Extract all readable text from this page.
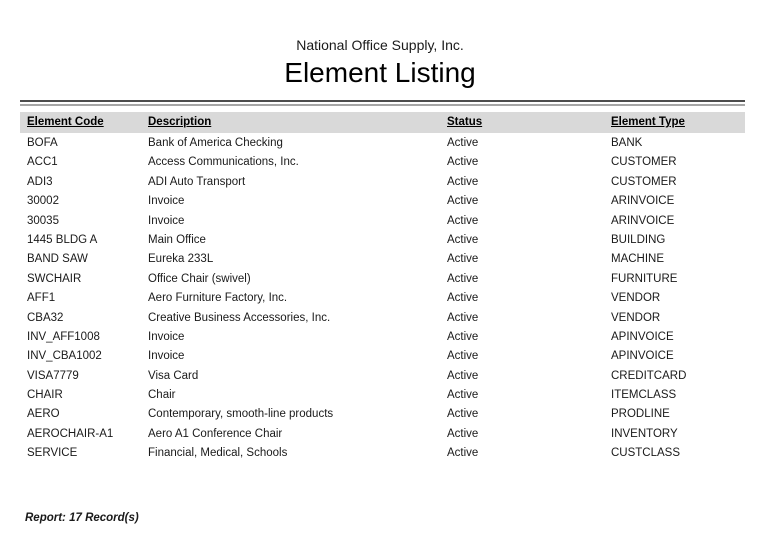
National Office Supply, Inc.
Element Listing
Element Code	Description	Status	Element Type
BOFA	Bank of America Checking	Active	BANK
ACC1	Access Communications, Inc.	Active	CUSTOMER
ADI3	ADI Auto Transport	Active	CUSTOMER
30002	Invoice	Active	ARINVOICE
30035	Invoice	Active	ARINVOICE
1445 BLDG A	Main Office	Active	BUILDING
BAND SAW	Eureka 233L	Active	MACHINE
SWCHAIR	Office Chair (swivel)	Active	FURNITURE
AFF1	Aero Furniture Factory, Inc.	Active	VENDOR
CBA32	Creative Business Accessories, Inc.	Active	VENDOR
INV_AFF1008	Invoice	Active	APINVOICE
INV_CBA1002	Invoice	Active	APINVOICE
VISA7779	Visa Card	Active	CREDITCARD
CHAIR	Chair	Active	ITEMCLASS
AERO	Contemporary, smooth-line products	Active	PRODLINE
AEROCHAIR-A1	Aero A1 Conference Chair	Active	INVENTORY
SERVICE	Financial, Medical, Schools	Active	CUSTCLASS
Report: 17 Record(s)
